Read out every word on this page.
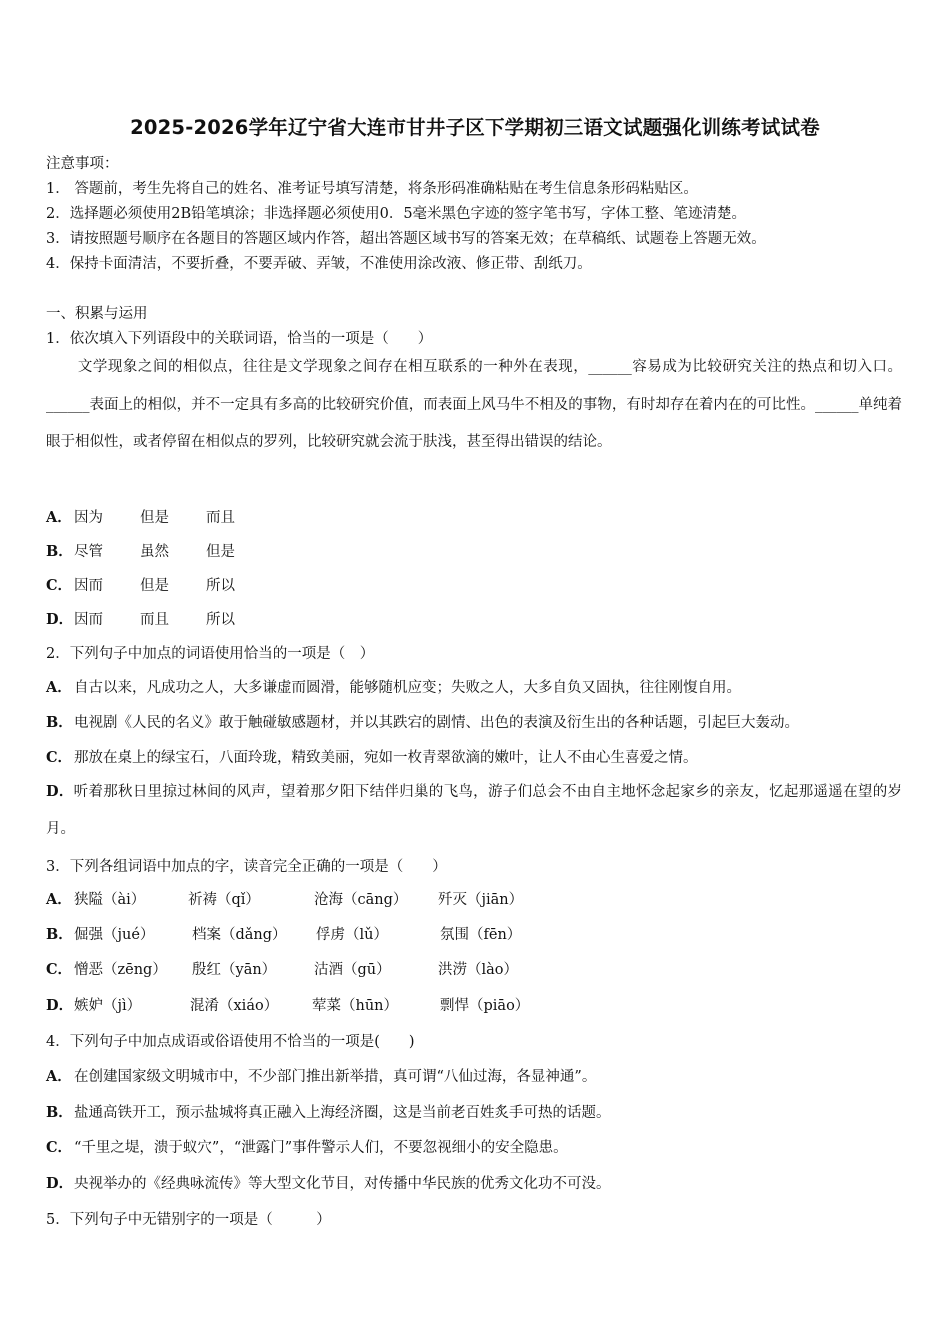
2025-2026学年辽宁省大连市甘井子区下学期初三语文试题强化训练考试试卷
注意事项：
1． 答题前，考生先将自己的姓名、准考证号填写清楚，将条形码准确粘贴在考生信息条形码粘贴区。
2．选择题必须使用2B铅笔填涂；非选择题必须使用0．5毫米黑色字迹的签字笔书写，字体工整、笔迹清楚。
3．请按照题号顺序在各题目的答题区域内作答，超出答题区域书写的答案无效；在草稿纸、试题卷上答题无效。
4．保持卡面清洁，不要折叠，不要弄破、弄皱，不准使用涂改液、修正带、刮纸刀。
一、积累与运用
1．依次填入下列语段中的关联词语，恰当的一项是（　　）
文学现象之间的相似点，往往是文学现象之间存在相互联系的一种外在表现，______容易成为比较研究关注的热点和切入口。______表面上的相似，并不一定具有多高的比较研究价值，而表面上风马牛不相及的事物，有时却存在着内在的可比性。______单纯着眼于相似性，或者停留在相似点的罗列，比较研究就会流于肤浅，甚至得出错误的结论。
A． 因为	但是	而且
B．尽管	虽然	但是
C． 因而	但是	所以
D．因而	而且	所以
2．下列句子中加点的词语使用恰当的一项是（　）
A． 自古以来，凡成功之人，大多谦虚而圆滑，能够随机应变；失败之人，大多自负又固执，往往刚愎自用。
B．电视剧《人民的名义》敢于触碰敏感题材，并以其跌宕的剧情、出色的表演及衍生出的各种话题，引起巨大轰动。
C． 那放在桌上的绿宝石，八面玲珑，精致美丽，宛如一枚青翠欲滴的嫩叶，让人不由心生喜爱之情。
D．听着那秋日里掠过林间的风声，望着那夕阳下结伴归巢的飞鸟，游子们总会不由自主地怀念起家乡的亲友，忆起那遥遥在望的岁月。
3．下列各组词语中加点的字，读音完全正确的一项是（　　）
A． 狭隘（ài）	祈祷（qǐ）	沧海（cāng） 歼灭（jiān）
B．倔强（jué）	档案（dǎng） 俘虏（lǔ）	氛围（fēn）
C． 憎恶（zēng） 殷红（yān）	沽酒（gū）	洪涝（lào）
D．嫉妒（jì）	混淆（xiáo） 荤菜（hūn）	剽悍（piāo）
4．下列句子中加点成语或俗语使用不恰当的一项是(　　)
A． 在创建国家级文明城市中，不少部门推出新举措，真可谓“八仙过海，各显神通”。
B．盐通高铁开工，预示盐城将真正融入上海经济圈，这是当前老百姓炙手可热的话题。
C． “千里之堤，溃于蚁穴”，“泄露门”事件警示人们，不要忽视细小的安全隐患。
D．央视举办的《经典咏流传》等大型文化节目，对传播中华民族的优秀文化功不可没。
5．下列句子中无错别字的一项是（　　　）
